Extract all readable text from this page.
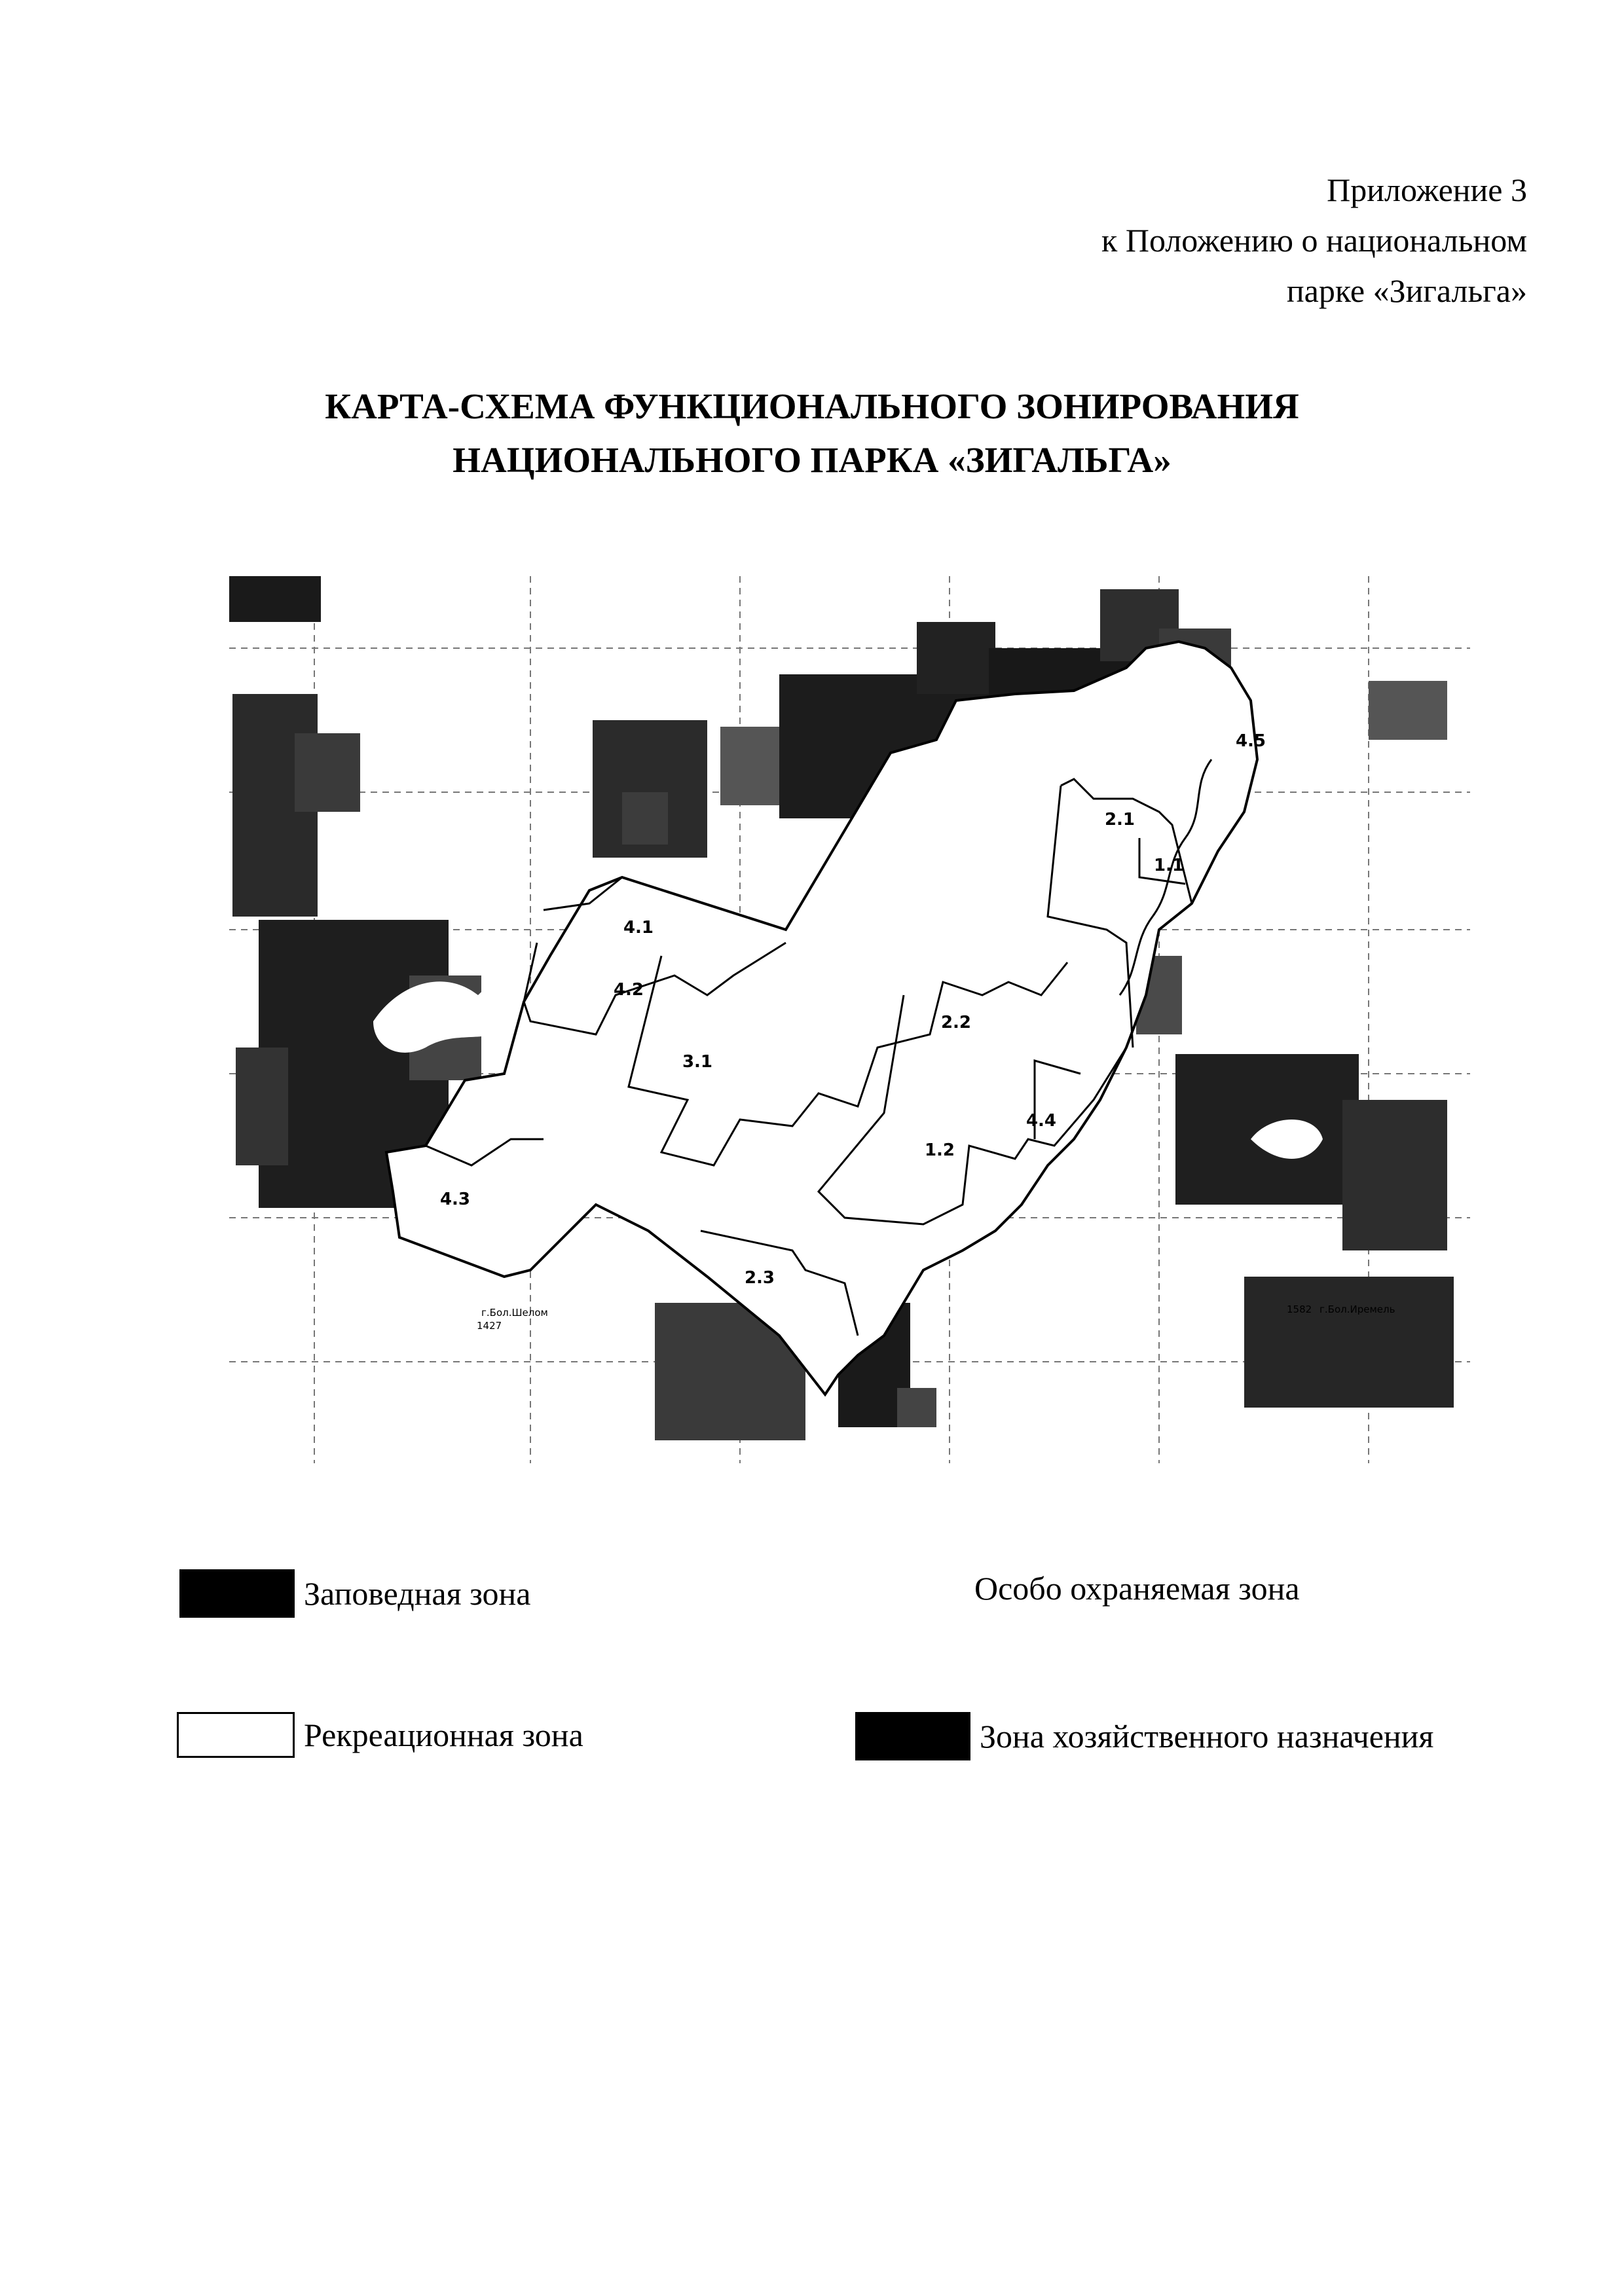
Приложение 3
к Положению о национальном
парке «Зигальга»
КАРТА-СХЕМА ФУНКЦИОНАЛЬНОГО ЗОНИРОВАНИЯ
НАЦИОНАЛЬНОГО ПАРКА «ЗИГАЛЬГА»
1.1
1.2
2.1
2.2
2.3
3.1
4.1
4.2
4.3
4.4
4.5
г.Бол.Шелом
1427
1582 г.Бол.Иремель
Заповедная зона	Особо охраняемая зона
Рекреационная зона	Зона хозяйственного назначения
